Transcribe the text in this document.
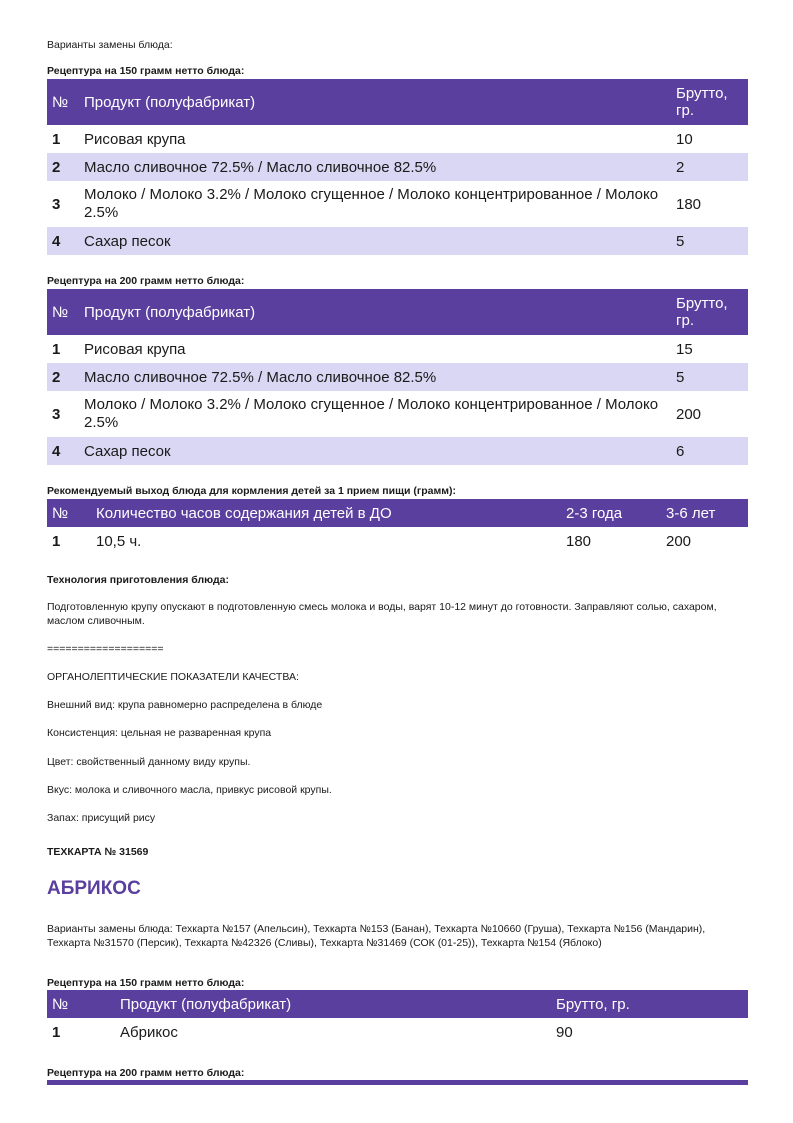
Варианты замены блюда:
Рецептура на 150 грамм нетто блюда:
№	Продукт (полуфабрикат)	Брутто, гр.
1	Рисовая крупа	10
2	Масло сливочное 72.5% / Масло сливочное 82.5%	2
3	Молоко / Молоко 3.2% / Молоко сгущенное / Молоко концентрированное / Молоко 2.5%	180
4	Сахар песок	5
Рецептура на 200 грамм нетто блюда:
№	Продукт (полуфабрикат)	Брутто, гр.
1	Рисовая крупа	15
2	Масло сливочное 72.5% / Масло сливочное 82.5%	5
3	Молоко / Молоко 3.2% / Молоко сгущенное / Молоко концентрированное / Молоко 2.5%	200
4	Сахар песок	6
Рекомендуемый выход блюда для кормления детей за 1 прием пищи (грамм):
№	Количество часов содержания детей в ДО	2-3 года	3-6 лет
1	10,5 ч.	180	200
Технология приготовления блюда:
Подготовленную крупу опускают в подготовленную смесь молока и воды, варят 10-12 минут до готовности. Заправляют солью, сахаром, маслом сливочным.
===================
ОРГАНОЛЕПТИЧЕСКИЕ ПОКАЗАТЕЛИ КАЧЕСТВА:
Внешний вид: крупа равномерно распределена в блюде
Консистенция: цельная не разваренная крупа
Цвет: свойственный данному виду крупы.
Вкус: молока и сливочного масла, привкус рисовой крупы.
Запах: присущий рису
ТЕХКАРТА № 31569
АБРИКОС
Варианты замены блюда: Техкарта №157 (Апельсин), Техкарта №153 (Банан), Техкарта №10660 (Груша), Техкарта №156 (Мандарин), Техкарта №31570 (Персик), Техкарта №42326 (Сливы), Техкарта №31469 (СОК (01-25)), Техкарта №154 (Яблоко)
Рецептура на 150 грамм нетто блюда:
№	Продукт (полуфабрикат)	Брутто, гр.
1	Абрикос	90
Рецептура на 200 грамм нетто блюда:
